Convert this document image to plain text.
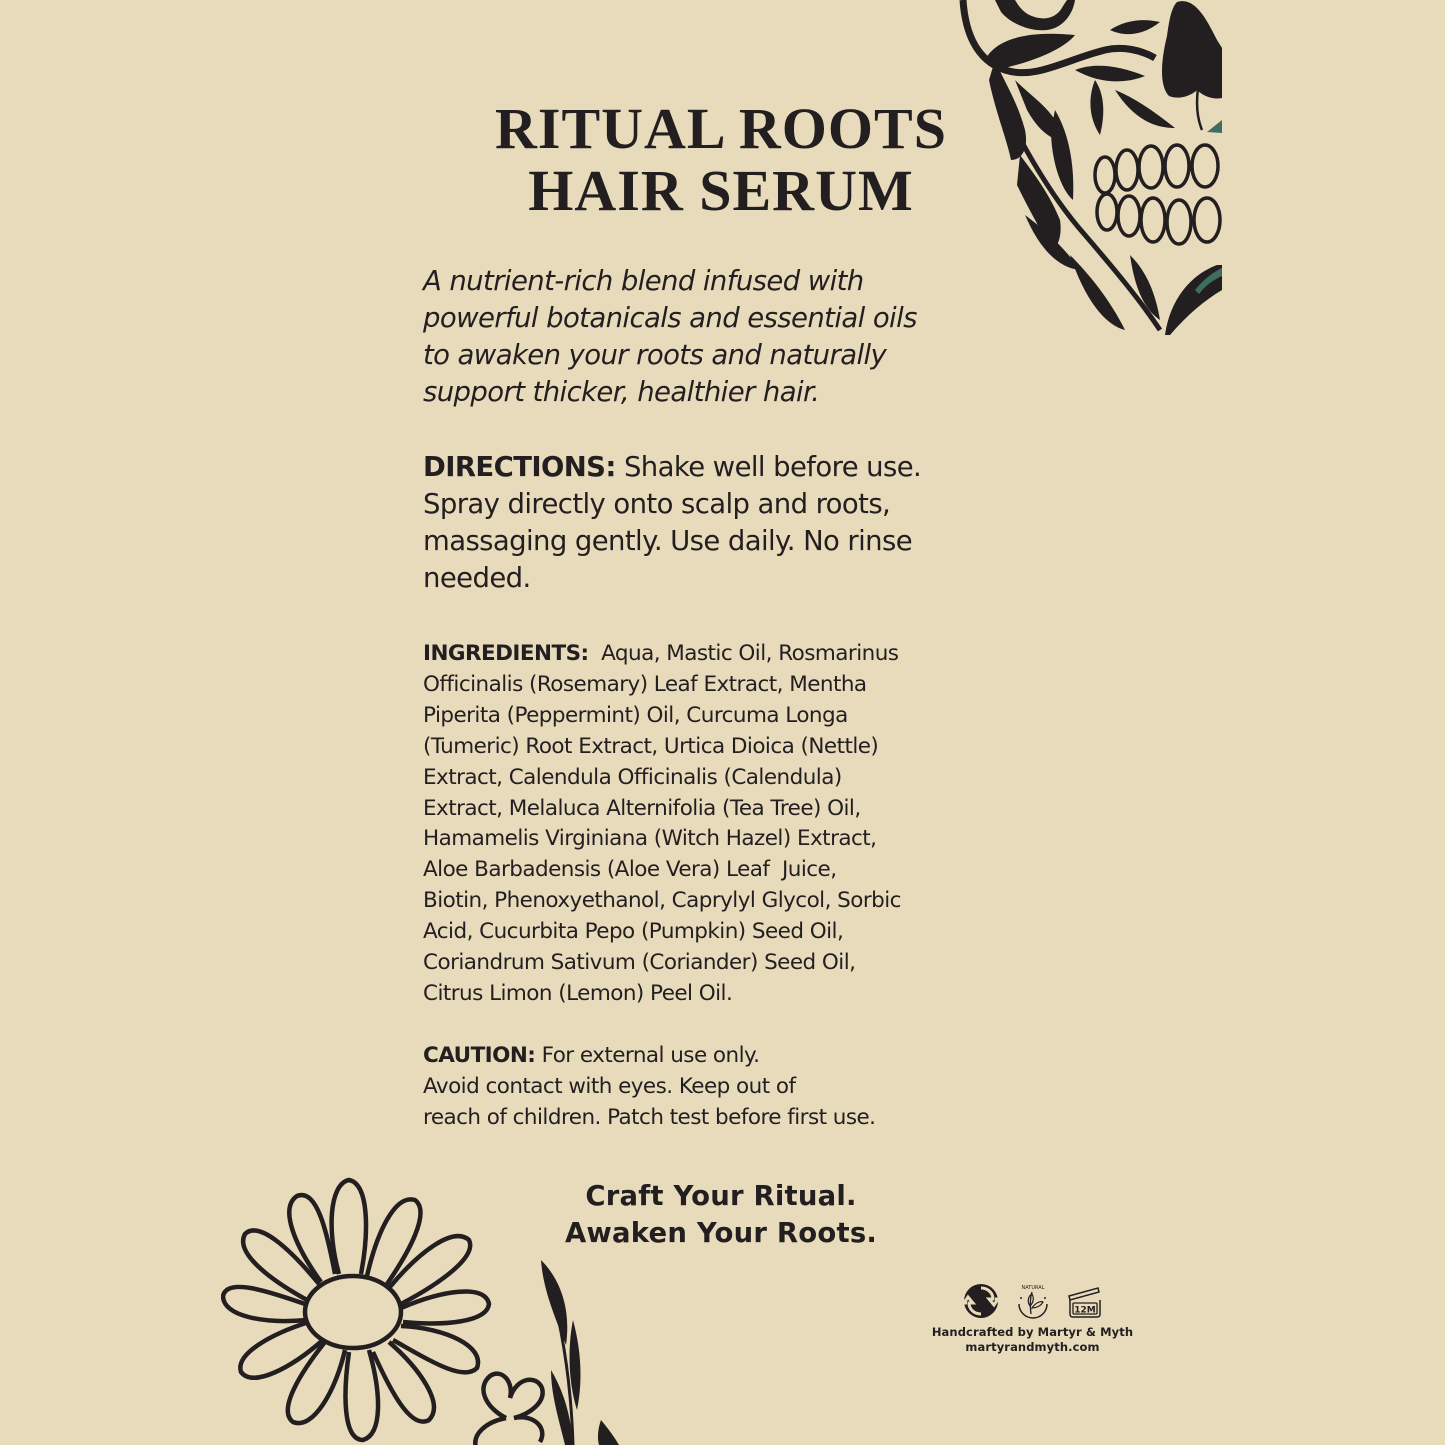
RITUAL ROOTS
HAIR SERUM
A nutrient-rich blend infused with
powerful botanicals and essential oils
to awaken your roots and naturally
support thicker, healthier hair.
DIRECTIONS: Shake well before use.
Spray directly onto scalp and roots,
massaging gently. Use daily. No rinse
needed.
INGREDIENTS:  Aqua, Mastic Oil, Rosmarinus
Officinalis (Rosemary) Leaf Extract, Mentha
Piperita (Peppermint) Oil, Curcuma Longa
(Tumeric) Root Extract, Urtica Dioica (Nettle)
Extract, Calendula Officinalis (Calendula)
Extract, Melaluca Alternifolia (Tea Tree) Oil,
Hamamelis Virginiana (Witch Hazel) Extract,
Aloe Barbadensis (Aloe Vera) Leaf  Juice,
Biotin, Phenoxyethanol, Caprylyl Glycol, Sorbic
Acid, Cucurbita Pepo (Pumpkin) Seed Oil,
Coriandrum Sativum (Coriander) Seed Oil,
Citrus Limon (Lemon) Peel Oil.
CAUTION: For external use only.
Avoid contact with eyes. Keep out of
reach of children. Patch test before first use.
Craft Your Ritual.
Awaken Your Roots.
NATURAL
12M
Handcrafted by Martyr & Myth
martyrandmyth.com
